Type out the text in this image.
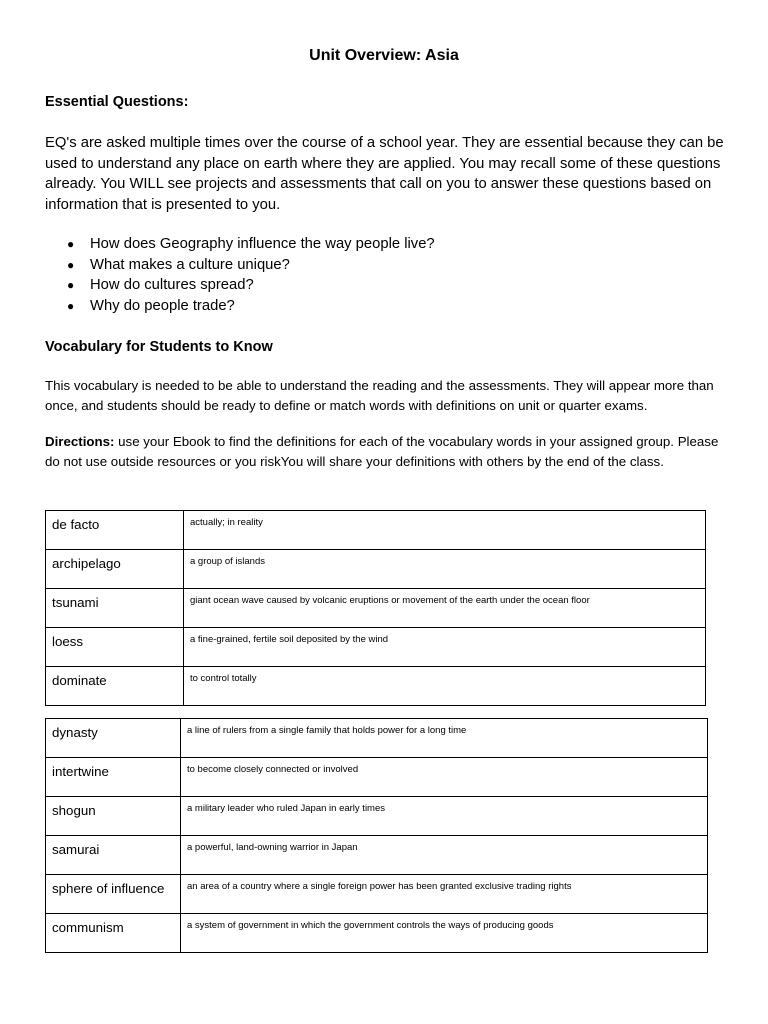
Unit Overview: Asia
Essential Questions:
EQ's are asked multiple times over the course of a school year. They are essential because they can be used to understand any place on earth where they are applied. You may recall some of these questions already. You WILL see projects and assessments that call on you to answer these questions based on information that is presented to you.
● How does Geography influence the way people live?
● What makes a culture unique?
● How do cultures spread?
● Why do people trade?
Vocabulary for Students to Know
This vocabulary is needed to be able to understand the reading and the assessments. They will appear more than once, and students should be ready to define or match words with definitions on unit or quarter exams.
Directions: use your Ebook to find the definitions for each of the vocabulary words in your assigned group. Please do not use outside resources or you riskYou will share your definitions with others by the end of the class.
de facto	actually; in reality
archipelago	a group of islands
tsunami	giant ocean wave caused by volcanic eruptions or movement of the earth under the ocean floor
loess	a fine-grained, fertile soil deposited by the wind
dominate	to control totally
dynasty	a line of rulers from a single family that holds power for a long time
intertwine	to become closely connected or involved
shogun	a military leader who ruled Japan in early times
samurai	a powerful, land-owning warrior in Japan
sphere of influence	an area of a country where a single foreign power has been granted exclusive trading rights
communism	a system of government in which the government controls the ways of producing goods
